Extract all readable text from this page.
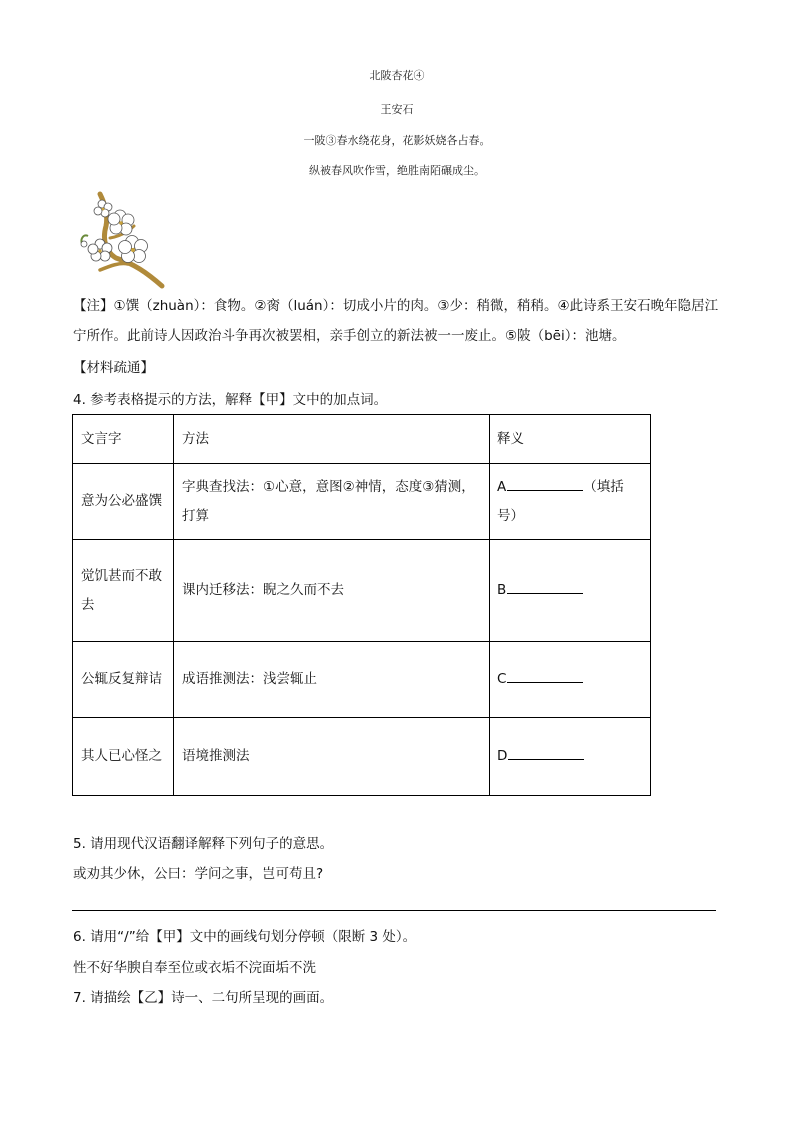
北陂杏花④
王安石
一陂③春水绕花身，花影妖娆各占春。
纵被春风吹作雪，绝胜南陌碾成尘。
【注】①馔（zhuàn）：食物。②脔（luán）：切成小片的肉。③少：稍微，稍稍。④此诗系王安石晚年隐居江宁所作。此前诗人因政治斗争再次被罢相，亲手创立的新法被一一废止。⑤陂（bēi）：池塘。
【材料疏通】
4. 参考表格提示的方法，解释【甲】文中的加点词。
文言字	方法	释义
意为公必盛馔	字典查找法：①心意，意图②神情，态度③猜测，打算	A （填括号）
觉饥甚而不敢去	课内迁移法：睨之久而不去	B
公辄反复辩诘	成语推测法：浅尝辄止	C
其人已心怪之	语境推测法	D
5. 请用现代汉语翻译解释下列句子的意思。
或劝其少休，公曰：学问之事，岂可苟且?
6. 请用“/”给【甲】文中的画线句划分停顿（限断 3 处）。
性不好华腴自奉至位或衣垢不浣面垢不洗
7. 请描绘【乙】诗一、二句所呈现的画面。
